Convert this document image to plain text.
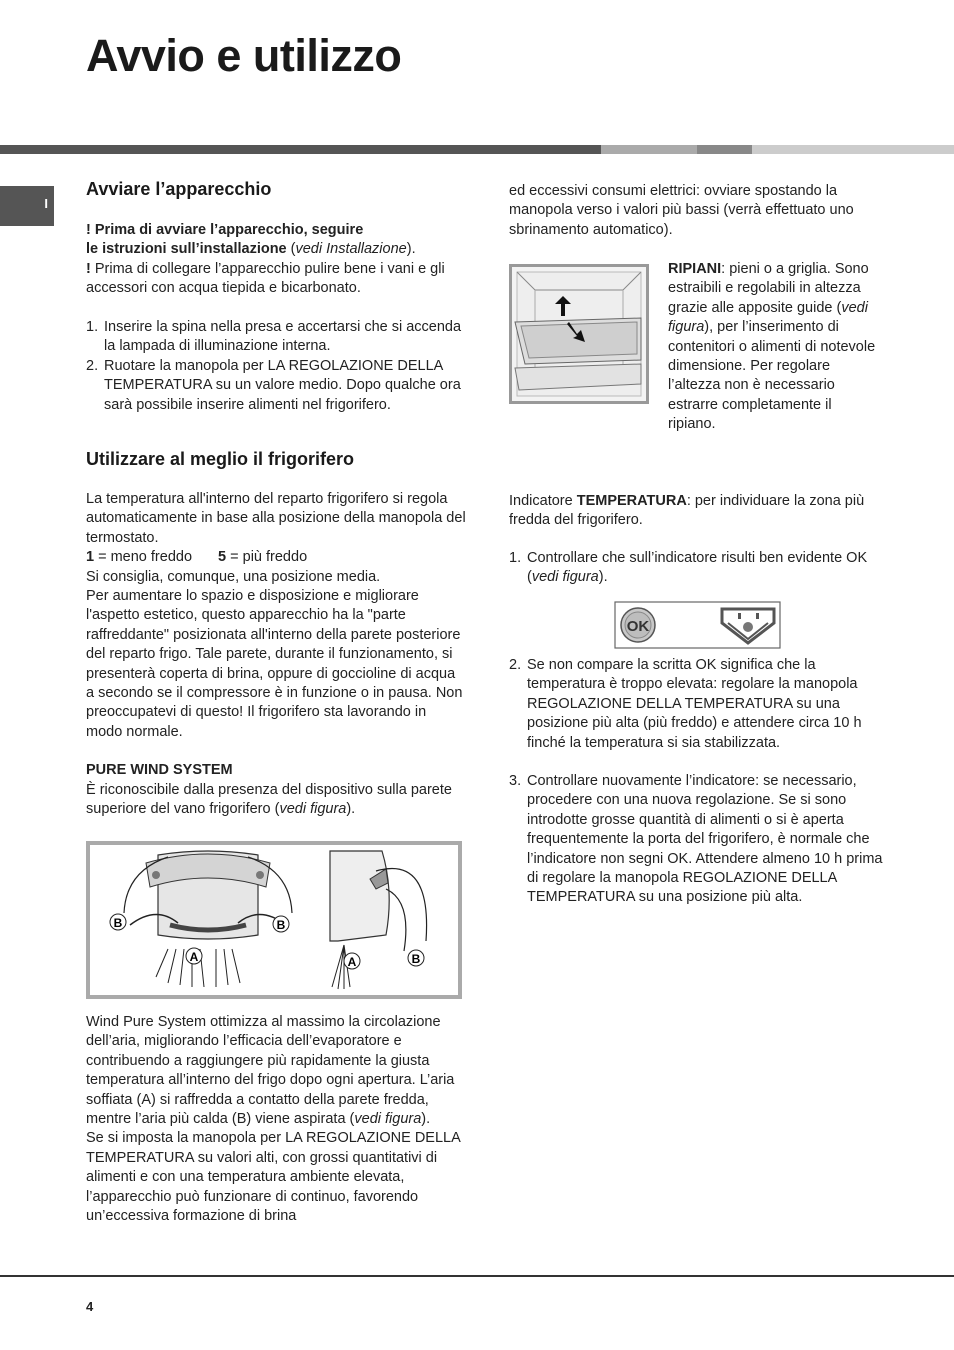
Avvio e utilizzo
I
Avviare l’apparecchio

! Prima di avviare l’apparecchio, seguire
le istruzioni sull’installazione (vedi Installazione).

! Prima di collegare l’apparecchio pulire bene i vani e gli accessori con acqua tiepida e bicarbonato.

1. Inserire la spina nella presa e accertarsi che si accenda la lampada di illuminazione interna.
2. Ruotare la manopola per LA REGOLAZIONE DELLA TEMPERATURA su un valore medio. Dopo qualche ora sarà possibile inserire alimenti nel frigorifero.
Utilizzare al meglio il frigorifero

La temperatura all'interno del reparto frigorifero si regola automaticamente in base alla posizione della manopola del termostato.

1 = meno freddo 5 = più freddo

Si consiglia, comunque, una posizione media.

Per aumentare lo spazio e disposizione e migliorare l'aspetto estetico, questo apparecchio ha la "parte raffreddante" posizionata all'interno della parete posteriore del reparto frigo. Tale parete, durante il funzionamento, si presenterà coperta di brina, oppure di goccioline di acqua a secondo se il compressore è in funzione o in pausa. Non preoccupatevi di questo! Il frigorifero sta lavorando in modo normale.

PURE WIND SYSTEM

È riconoscibile dalla presenza del dispositivo sulla parete superiore del vano frigorifero (vedi figura).

B	B
A	A	B

Wind Pure System ottimizza al massimo la circolazione dell’aria, migliorando l’efficacia dell’evaporatore e contribuendo a raggiungere più rapidamente la giusta temperatura all’interno del frigo dopo ogni apertura. L’aria soffiata (A) si raffredda a contatto della parete fredda, mentre l’aria più calda (B) viene aspirata (vedi figura).

Se si imposta la manopola per LA REGOLAZIONE DELLA TEMPERATURA su valori alti, con grossi quantitativi di alimenti e con una temperatura ambiente elevata, l’apparecchio può funzionare di continuo, favorendo un’eccessiva formazione di brina

ed eccessivi consumi elettrici: ovviare spostando la manopola verso i valori più bassi (verrà effettuato uno sbrinamento automatico).

RIPIANI: pieni o a griglia. Sono estraibili e regolabili in altezza grazie alle apposite guide (vedi figura), per l’inserimento di contenitori o alimenti di notevole dimensione. Per regolare l’altezza non è necessario estrarre completamente il ripiano.

Indicatore TEMPERATURA: per individuare la zona più fredda del frigorifero.

1. Controllare che sull’indicatore risulti ben evidente OK (vedi figura).
OK
2. Se non compare la scritta OK significa che la temperatura è troppo elevata: regolare la manopola REGOLAZIONE DELLA TEMPERATURA su una posizione più alta (più freddo) e attendere circa 10 h finché la temperatura si sia stabilizzata.
3. Controllare nuovamente l’indicatore: se necessario, procedere con una nuova regolazione. Se si sono introdotte grosse quantità di alimenti o si è aperta frequentemente la porta del frigorifero, è normale che l’indicatore non segni OK. Attendere almeno 10 h prima di regolare la manopola REGOLAZIONE DELLA TEMPERATURA su una posizione più alta.
4
